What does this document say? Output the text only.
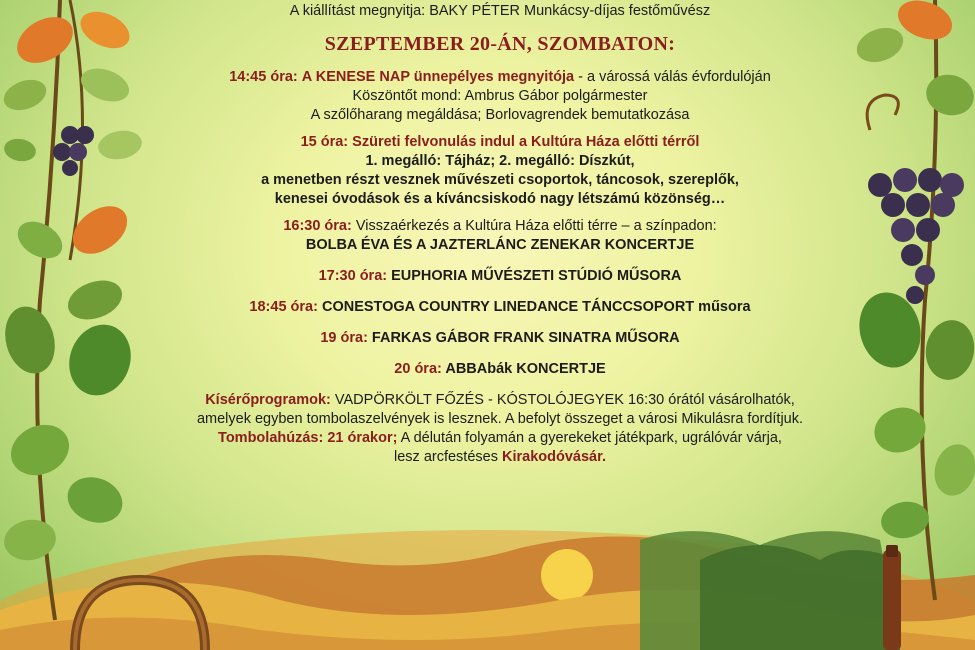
A kiállítást megnyitja: BAKY PÉTER Munkácsy-díjas festőművész
SZEPTEMBER 20-ÁN, SZOMBATON:
14:45 óra: A KENESE NAP ünnepélyes megnyitója - a várossá válás évfordulóján
Köszöntőt mond: Ambrus Gábor polgármester
A szőlőharang megáldása; Borlovagrendek bemutatkozása
15 óra: Szüreti felvonulás indul a Kultúra Háza előtti térről
1. megálló: Tájház; 2. megálló: Díszkút,
a menetben részt vesznek művészeti csoportok, táncosok, szereplők,
kenesei óvodások és a kíváncsiskodó nagy létszámú közönség…
16:30 óra: Visszaérkezés a Kultúra Háza előtti térre – a színpadon:
BOLBA ÉVA ÉS A JAZTERLÁNC ZENEKAR KONCERTJE
17:30 óra: EUPHORIA MŰVÉSZETI STÚDIÓ MŰSORA
18:45 óra: CONESTOGA COUNTRY LINEDANCE TÁNCCSOPORT műsora
19 óra: FARKAS GÁBOR FRANK SINATRA MŰSORA
20 óra: ABBAbák KONCERTJE
Kísérőprogramok: VADPÖRKÖLT FŐZÉS - KÓSTOLÓJEGYEK 16:30 órától vásárolhatók,
amelyek egyben tombolaszelvények is lesznek. A befolyt összeget a városi Mikulásra fordítjuk.
Tombolahúzás: 21 órakor; A délután folyamán a gyerekeket játékpark, ugrálóvár várja,
lesz arcfestéses Kirakodóvásár.
